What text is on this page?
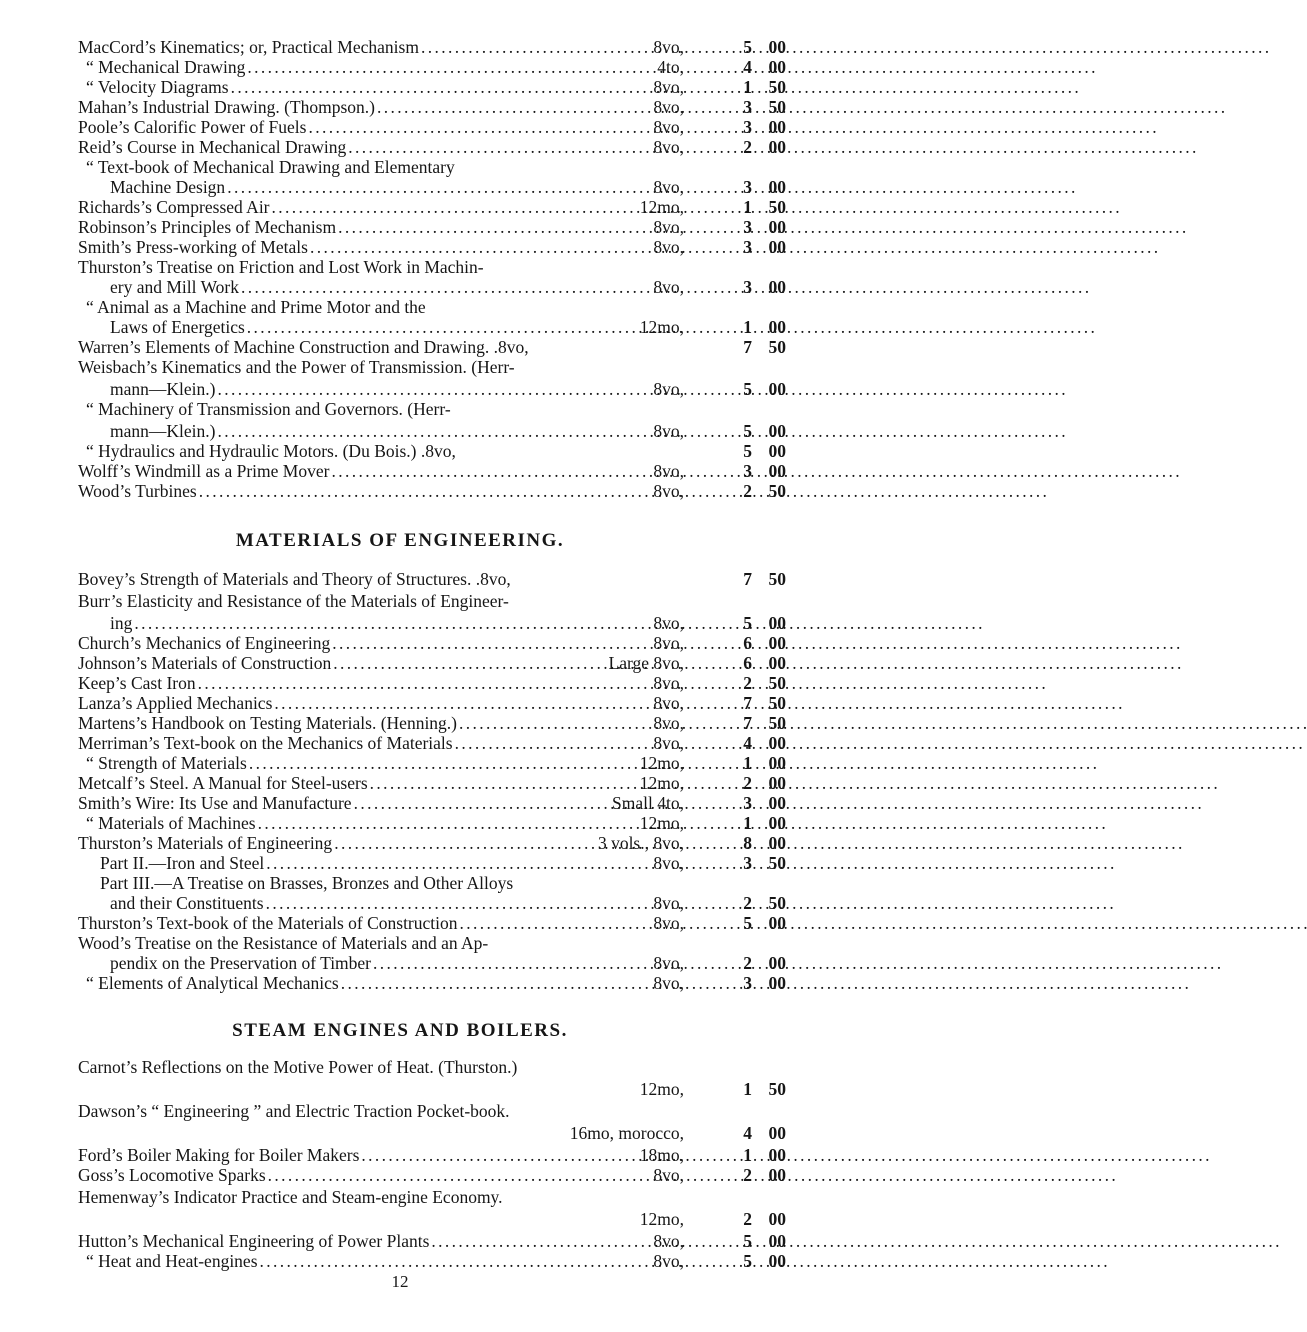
MacCord’s Kinematics; or, Practical Mechanism . . .	8vo,	5 00
“ Mechanical Drawing . . .	4to,	4 00
“ Velocity Diagrams . . .	8vo,	1 50
Mahan’s Industrial Drawing. (Thompson.) . . .	8vo,	3 50
Poole’s Calorific Power of Fuels . . .	8vo,	3 00
Reid’s Course in Mechanical Drawing . . .	8vo,	2 00
“ Text-book of Mechanical Drawing and Elementary
Machine Design . . .	8vo,	3 00
Richards’s Compressed Air . . .	12mo,	1 50
Robinson’s Principles of Mechanism . . .	8vo,	3 00
Smith’s Press-working of Metals . . .	8vo,	3 00
Thurston’s Treatise on Friction and Lost Work in Machin-
ery and Mill Work . . .	8vo,	3 00
“ Animal as a Machine and Prime Motor and the
Laws of Energetics . . .	12mo,	1 00
Warren’s Elements of Machine Construction and Drawing. .8vo,	7 50
Weisbach’s Kinematics and the Power of Transmission. (Herr-
mann—Klein.) . . .	8vo,	5 00
“ Machinery of Transmission and Governors. (Herr-
mann—Klein.) . . .	8vo,	5 00
“ Hydraulics and Hydraulic Motors. (Du Bois.) .8vo,	5 00
Wolff’s Windmill as a Prime Mover . . .	8vo,	3 00
Wood’s Turbines . . .	8vo,	2 50
MATERIALS OF ENGINEERING.
Bovey’s Strength of Materials and Theory of Structures. .8vo,	7 50
Burr’s Elasticity and Resistance of the Materials of Engineer-
ing . . .	8vo,	5 00
Church’s Mechanics of Engineering . . .	8vo,	6 00
Johnson’s Materials of Construction . . .	Large 8vo,	6 00
Keep’s Cast Iron . . .	8vo,	2 50
Lanza’s Applied Mechanics . . .	8vo,	7 50
Martens’s Handbook on Testing Materials. (Henning.) . . .	8vo,	7 50
Merriman’s Text-book on the Mechanics of Materials . . .	8vo,	4 00
“ Strength of Materials . . .	12mo,	1 00
Metcalf’s Steel. A Manual for Steel-users . . .	12mo,	2 00
Smith’s Wire: Its Use and Manufacture . . .	Small 4to,	3 00
“ Materials of Machines . . .	12mo,	1 00
Thurston’s Materials of Engineering . . .	3 vols., 8vo,	8 00
Part II.—Iron and Steel . . .	8vo,	3 50
Part III.—A Treatise on Brasses, Bronzes and Other Alloys
and their Constituents . . .	8vo,	2 50
Thurston’s Text-book of the Materials of Construction . . .	8vo,	5 00
Wood’s Treatise on the Resistance of Materials and an Ap-
pendix on the Preservation of Timber . . .	8vo,	2 00
“ Elements of Analytical Mechanics . . .	8vo,	3 00
STEAM ENGINES AND BOILERS.
Carnot’s Reflections on the Motive Power of Heat. (Thurston.)
12mo,	1 50
Dawson’s “ Engineering ” and Electric Traction Pocket-book.
16mo, morocco,	4 00
Ford’s Boiler Making for Boiler Makers . . .	18mo,	1 00
Goss’s Locomotive Sparks . . .	8vo,	2 00
Hemenway’s Indicator Practice and Steam-engine Economy.
12mo,	2 00
Hutton’s Mechanical Engineering of Power Plants . . .	8vo,	5 00
“ Heat and Heat-engines . . .	8vo,	5 00
12
